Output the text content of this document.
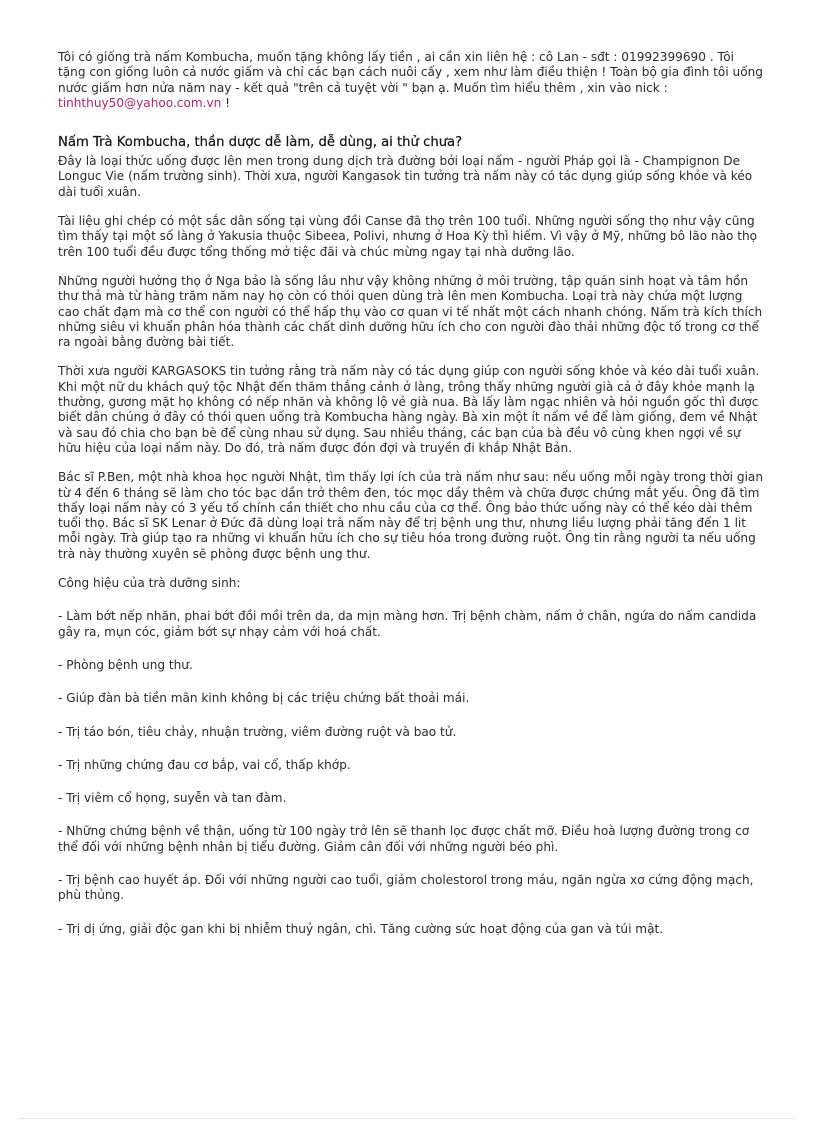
Tôi có giống trà nấm Kombucha, muốn tặng không lấy tiền , ai cần xin liên hệ : cô Lan - sđt : 01992399690 . Tôi tặng con giống luôn cả nước giấm và chỉ các bạn cách nuôi cấy , xem như làm điều thiện ! Toàn bộ gia đình tôi uống nước giấm hơn nửa năm nay - kết quả "trên cả tuyệt vời " bạn ạ. Muốn tìm hiểu thêm , xin vào nick : tinhthuy50@yahoo.com.vn !

Nấm Trà Kombucha, thần dược dễ làm, dễ dùng, ai thử chưa?

Đây là loại thức uống được lên men trong dung dịch trà đường bởi loại nấm - người Pháp gọi là - Champignon De Longuc Vie (nấm trường sinh). Thời xưa, người Kangasok tin tưởng trà nấm này có tác dụng giúp sống khỏe và kéo dài tuổi xuân.

Tài liệu ghi chép có một sắc dân sống tại vùng đồi Canse đã thọ trên 100 tuổi. Những người sống thọ như vậy cũng tìm thấy tại một số làng ở Yakusia thuộc Sibeea, Polivi, nhưng ở Hoa Kỳ thì hiếm. Vì vậy ở Mỹ, những bô lão nào thọ trên 100 tuổi đều được tổng thống mở tiệc đãi và chúc mừng ngay tại nhà dưỡng lão.

Những người hưởng thọ ở Nga bảo là sống lâu như vậy không những ở môi trường, tập quán sinh hoạt và tâm hồn thư thả mà từ hàng trăm năm nay họ còn có thói quen dùng trà lên men Kombucha. Loại trà này chứa một lượng cao chất đạm mà cơ thể con người có thể hấp thụ vào cơ quan vi tế nhất một cách nhanh chóng. Nấm trà kích thích những siêu vi khuẩn phân hóa thành các chất dinh dưỡng hữu ích cho con người đào thải những độc tố trong cơ thể ra ngoài bằng đường bài tiết.

Thời xưa người KARGASOKS tin tưởng rằng trà nấm này có tác dụng giúp con người sống khỏe và kéo dài tuổi xuân. Khi một nữ du khách quý tộc Nhật đến thăm thắng cảnh ở làng, trông thấy những người già cả ở đây khỏe mạnh lạ thường, gương mặt họ không có nếp nhăn và không lộ vẻ già nua. Bà lấy làm ngạc nhiên và hỏi nguồn gốc thì được biết dân chúng ở đây có thói quen uống trà Kombucha hàng ngày. Bà xin một ít nấm về để làm giống, đem về Nhật và sau đó chia cho bạn bè để cùng nhau sử dụng. Sau nhiều tháng, các bạn của bà đều vô cùng khen ngợi về sự hữu hiệu của loại nấm này. Do đó, trà nấm được đón đợi và truyền đi khắp Nhật Bản.

Bác sĩ P.Ben, một nhà khoa học người Nhật, tìm thấy lợi ích của trà nấm như sau: nếu uống mỗi ngày trong thời gian từ 4 đến 6 tháng sẽ làm cho tóc bạc dần trở thêm đen, tóc mọc dầy thêm và chữa được chứng mắt yếu. Ông đã tìm thấy loại nấm này có 3 yếu tố chính cần thiết cho nhu cầu của cơ thể. Ông bảo thức uống này có thể kéo dài thêm tuổi thọ. Bác sĩ SK Lenar ở Đức đã dùng loại trà nấm này để trị bệnh ung thư, nhưng liều lượng phải tăng đến 1 lit mỗi ngày. Trà giúp tạo ra những vi khuẩn hữu ích cho sự tiêu hóa trong đường ruột. Ông tin rằng người ta nếu uống trà này thường xuyên sẽ phòng được bệnh ung thư.

Công hiệu của trà dưỡng sinh:

- Làm bớt nếp nhăn, phai bớt đồi mồi trên da, da mịn màng hơn. Trị bệnh chàm, nấm ở chân, ngứa do nấm candida gây ra, mụn cóc, giảm bớt sự nhạy cảm với hoá chất.

- Phòng bệnh ung thư.

- Giúp đàn bà tiền mãn kinh không bị các triệu chứng bất thoải mái.

- Trị táo bón, tiêu chảy, nhuận trường, viêm đường ruột và bao tử.

- Trị những chứng đau cơ bắp, vai cổ, thấp khớp.

- Trị viêm cổ họng, suyễn và tan đàm.

- Những chứng bệnh về thận, uống từ 100 ngày trở lên sẽ thanh lọc được chất mỡ. Điều hoà lượng đường trong cơ thể đối với những bệnh nhân bị tiểu đường. Giảm cân đối với những người béo phì.

- Trị bệnh cao huyết áp. Đối với những người cao tuổi, giảm cholestorol trong máu, ngăn ngừa xơ cứng động mạch, phù thủng.

- Trị dị ứng, giải độc gan khi bị nhiễm thuỷ ngân, chì. Tăng cường sức hoạt động của gan và túi mật.
